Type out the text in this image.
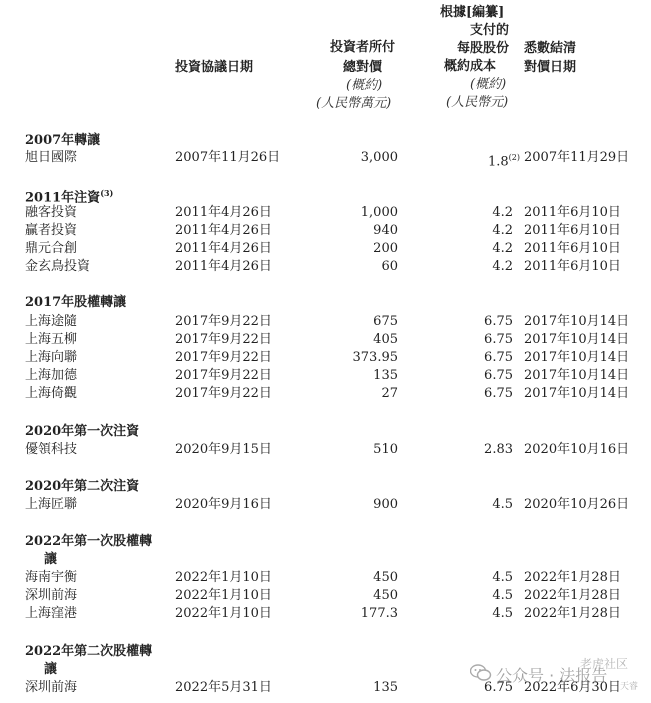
投資協議日期
投資者所付
總對價
(概約)
(人民幣萬元)
根據[編纂]
支付的
每股股份
概約成本
(概約)
(人民幣元)
悉數結清
對價日期
2007年轉讓
旭日國際	2007年11月26日	3,000	1.8$^{(2)}$ 2007年11月29日
2011年注資$^{(3)}$
融客投資	2011年4月26日	1,000	4.2 2011年6月10日
贏者投資	2011年4月26日	940	4.2 2011年6月10日
鼎元合創	2011年4月26日	200	4.2 2011年6月10日
金玄鳥投資	2011年4月26日	60	4.2 2011年6月10日
2017年股權轉讓
上海途隨	2017年9月22日	675	6.75 2017年10月14日
上海五柳	2017年9月22日	405	6.75 2017年10月14日
上海向聯	2017年9月22日	373.95	6.75 2017年10月14日
上海加德	2017年9月22日	135	6.75 2017年10月14日
上海倚觀	2017年9月22日	27	6.75 2017年10月14日
2020年第一次注資
優領科技	2020年9月15日	510	2.83 2020年10月16日
2020年第二次注資
上海匠聯	2020年9月16日	900	4.5 2020年10月26日
2022年第一次股權轉
讓
海南宇衡	2022年1月10日	450	4.5 2022年1月28日
深圳前海	2022年1月10日	450	4.5 2022年1月28日
上海窪港	2022年1月10日	177.3	4.5 2022年1月28日
2022年第二次股權轉
讓
深圳前海	2022年5月31日	135	6.75 2022年6月30日
公众号 · 法报告
老虎社区
天睿
